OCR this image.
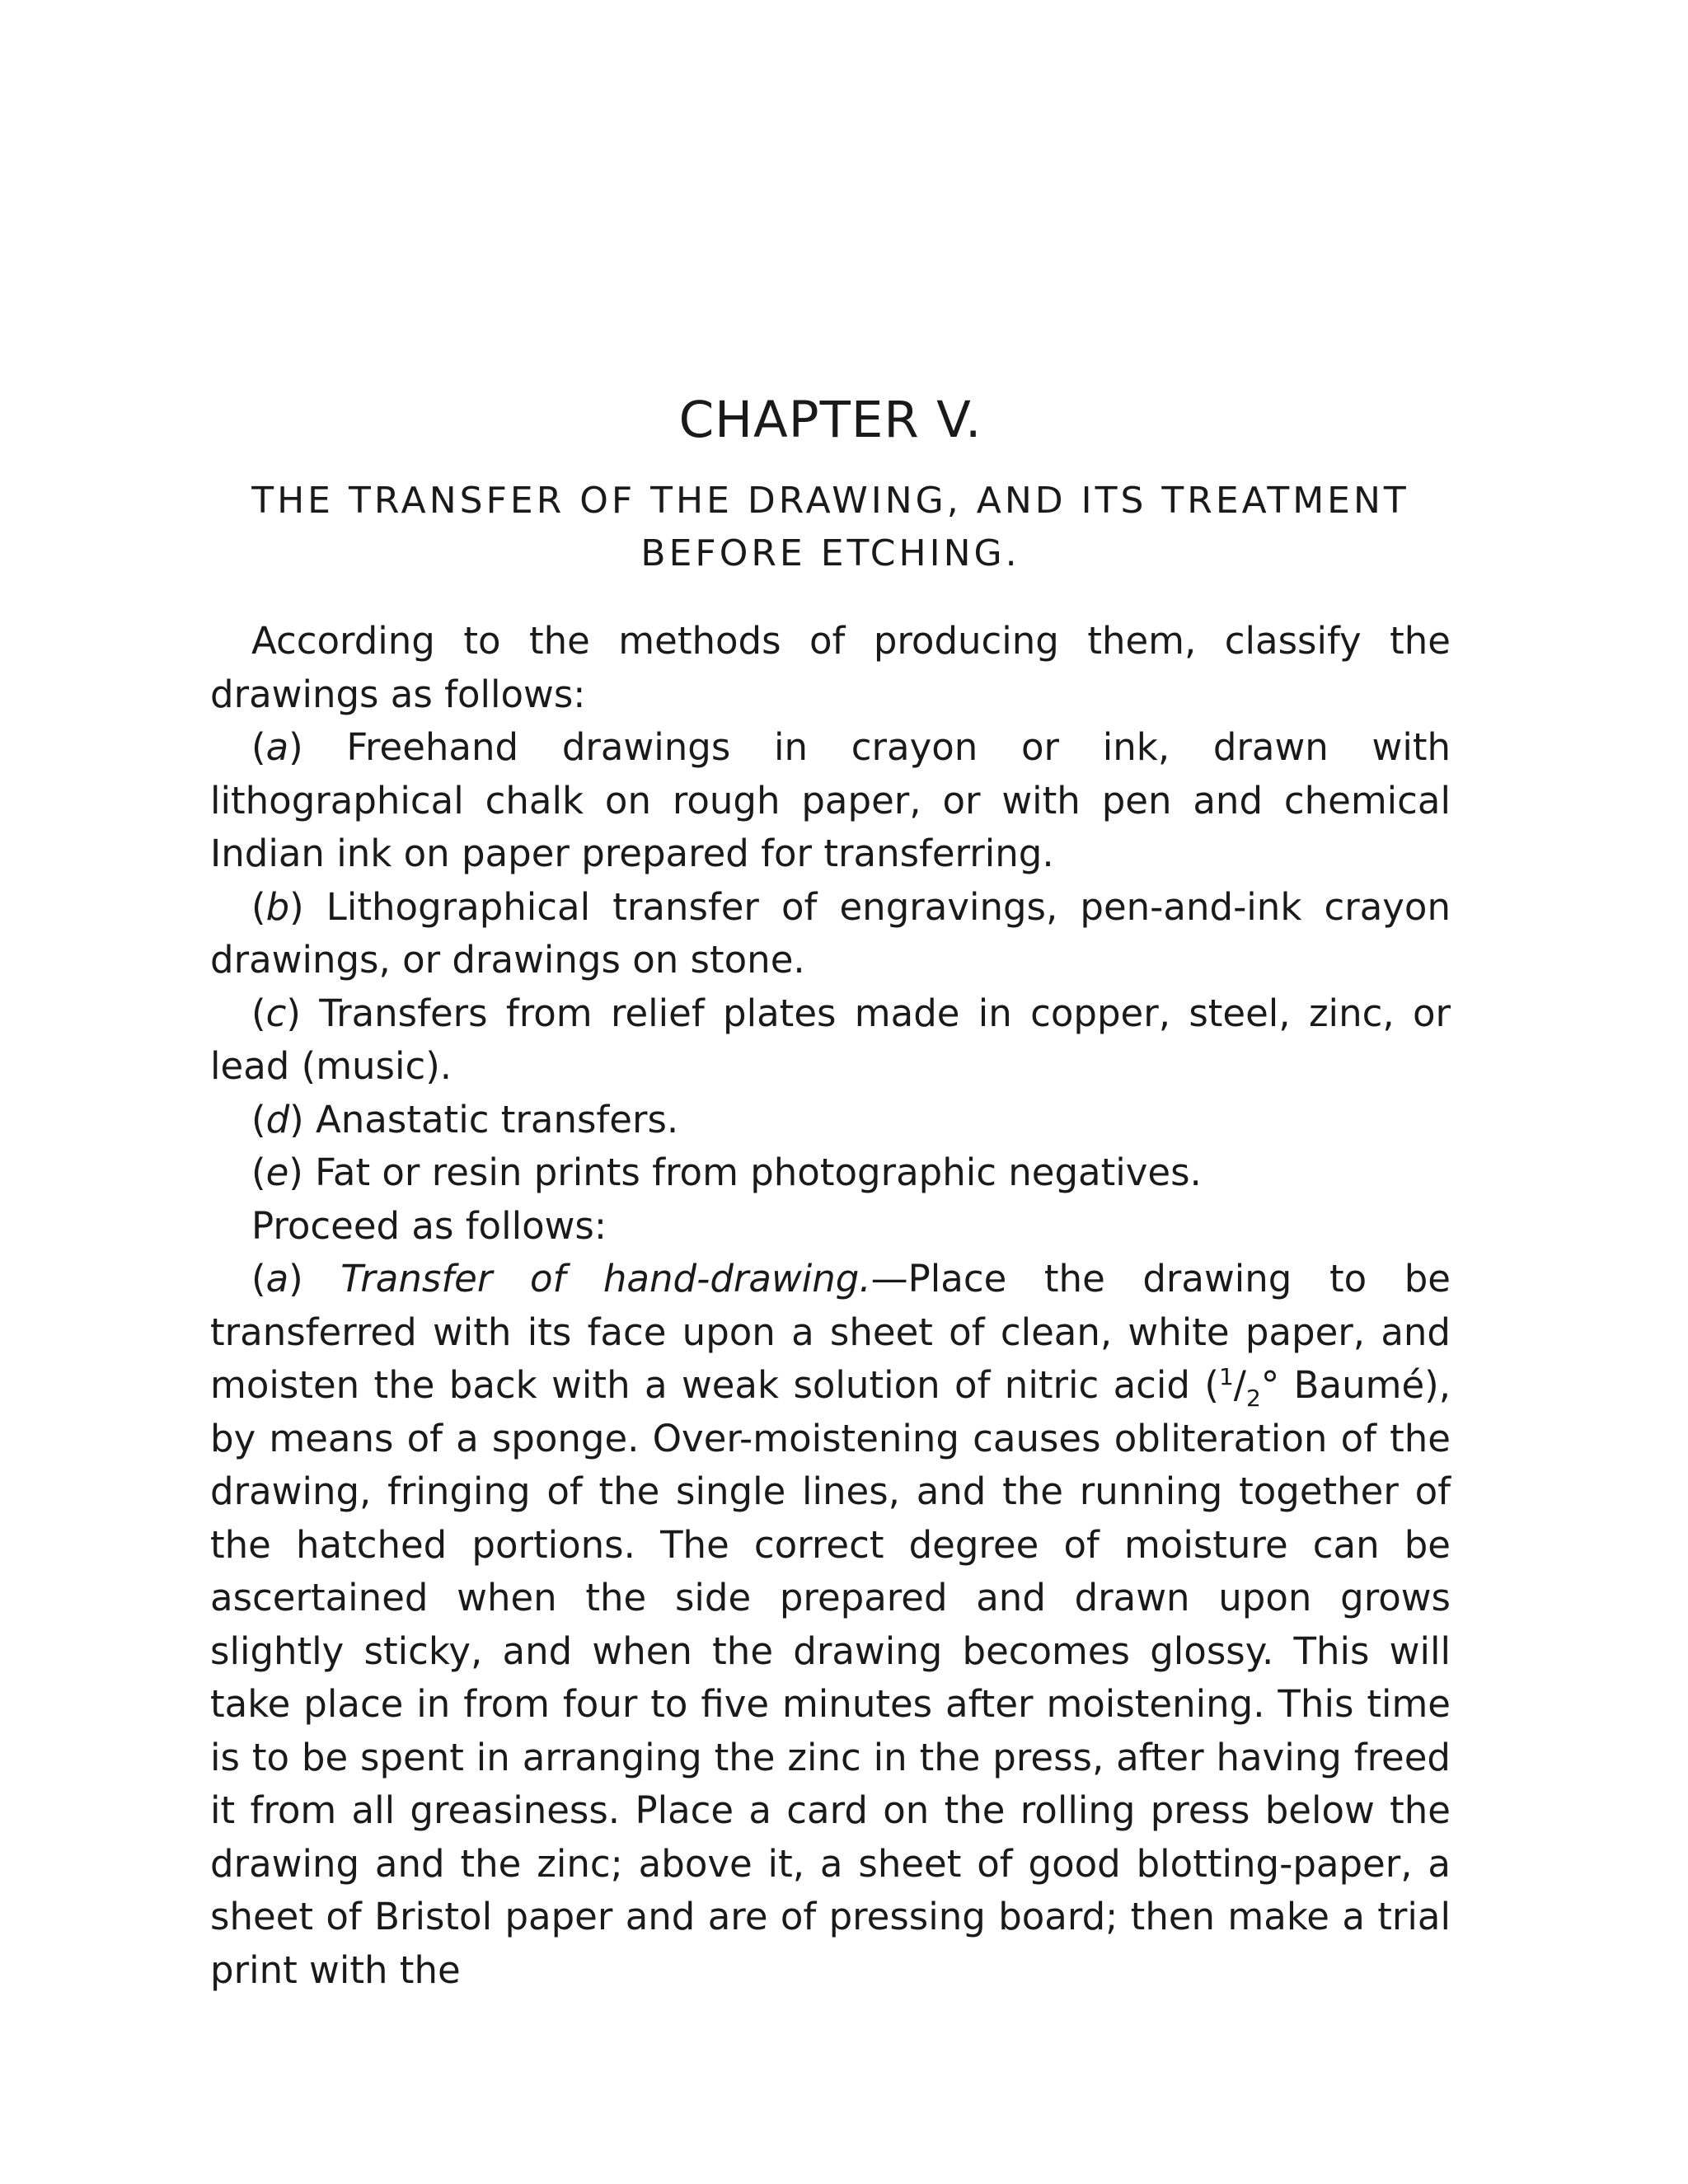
CHAPTER V.
THE TRANSFER OF THE DRAWING, AND ITS TREATMENT
BEFORE ETCHING.

According to the methods of producing them, classify the drawings as follows:

(a) Freehand drawings in crayon or ink, drawn with lithographical chalk on rough paper, or with pen and chemical Indian ink on paper prepared for transferring.

(b) Lithographical transfer of engravings, pen-and-ink crayon drawings, or drawings on stone.

(c) Transfers from relief plates made in copper, steel, zinc, or lead (music).

(d) Anastatic transfers.

(e) Fat or resin prints from photographic negatives.

Proceed as follows:

(a) Transfer of hand-drawing.—Place the drawing to be transferred with its face upon a sheet of clean, white paper, and moisten the back with a weak solution of nitric acid ($^1/_2^\circ$ Baumé), by means of a sponge. Over-moistening causes obliteration of the drawing, fringing of the single lines, and the running together of the hatched portions. The correct degree of moisture can be ascertained when the side prepared and drawn upon grows slightly sticky, and when the drawing becomes glossy. This will take place in from four to five minutes after moistening. This time is to be spent in arranging the zinc in the press, after having freed it from all greasiness. Place a card on the rolling press below the drawing and the zinc; above it, a sheet of good blotting-paper, a sheet of Bristol paper and are of pressing board; then make a trial print with the
